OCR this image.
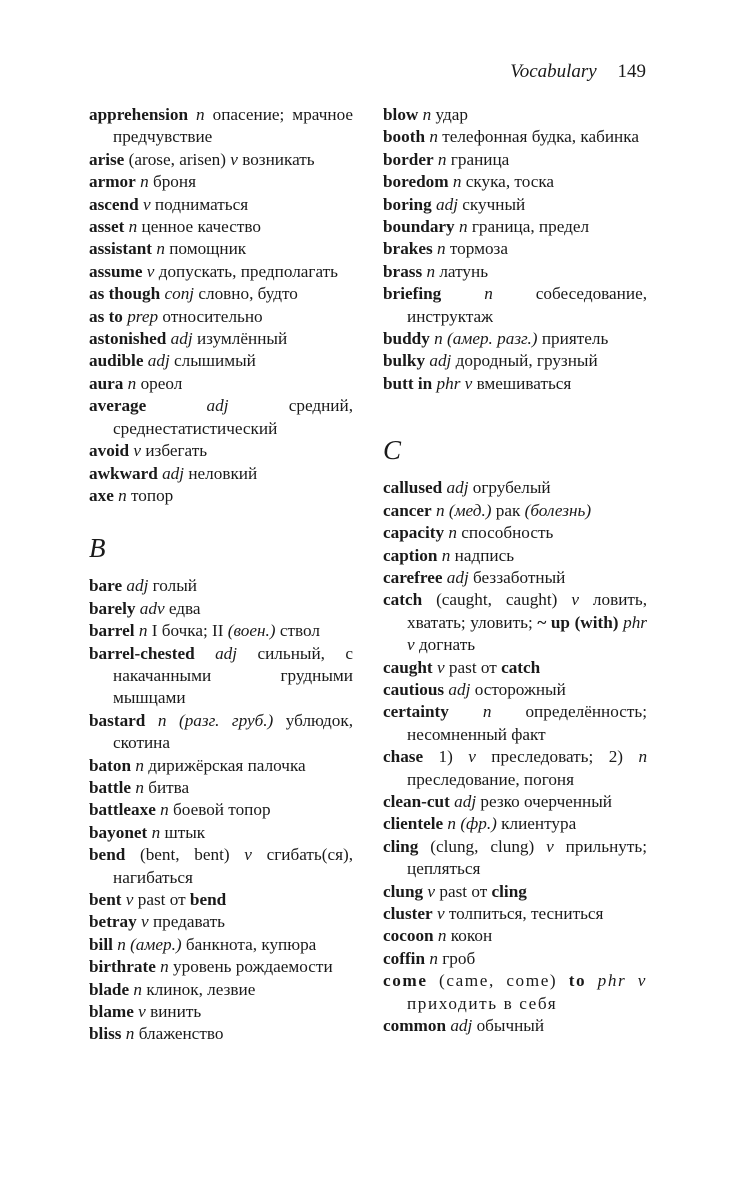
Vocabulary 149

apprehension n опасение; мрачное предчувствие

arise (arose, arisen) v возникать

armor n броня

ascend v подниматься

asset n ценное качество

assistant n помощник

assume v допускать, предполагать

as though conj словно, будто

as to prep относительно

astonished adj изумлённый

audible adj слышимый

aura n ореол

average	adj	средний, среднестатистический

avoid v избегать

awkward adj неловкий

axe n топор

B

bare adj голый

barely adv едва

barrel n I бочка; II (воен.) ствол

barrel-chested adj сильный, с накачанными грудными мышцами

bastard n (разг. груб.) ублюдок, скотина

baton n дирижёрская палочка

battle n битва

battleaxe n боевой топор

bayonet n штык

bend (bent, bent) v сгибать(ся), нагибаться

bent v past от bend

betray v предавать

bill n (амер.) банкнота, купюра

birthrate n уровень рождаемости

blade n клинок, лезвие

blame v винить

bliss n блаженство

blow n удар

booth n телефонная будка, кабинка

border n граница

boredom n скука, тоска

boring adj скучный

boundary n граница, предел

brakes n тормоза

brass n латунь

briefing n собеседование, инструктаж

buddy n (амер. разг.) приятель

bulky adj дородный, грузный

butt in phr v вмешиваться

C

callused adj огрубелый

cancer n (мед.) рак (болезнь)

capacity n способность

caption n надпись

carefree adj беззаботный

catch (caught, caught) v ловить, хватать; уловить; ~ up (with) phr v догнать

caught v past от catch

cautious adj осторожный

certainty n определённость; несомненный факт

chase 1) v преследовать; 2) n преследование, погоня

clean-cut adj резко очерченный

clientele n (фр.) клиентура

cling (clung, clung) v прильнуть; цепляться

clung v past от cling

cluster v толпиться, тесниться

cocoon n кокон

coffin n гроб

come (came, come) to phr v приходить в себя

common adj обычный
